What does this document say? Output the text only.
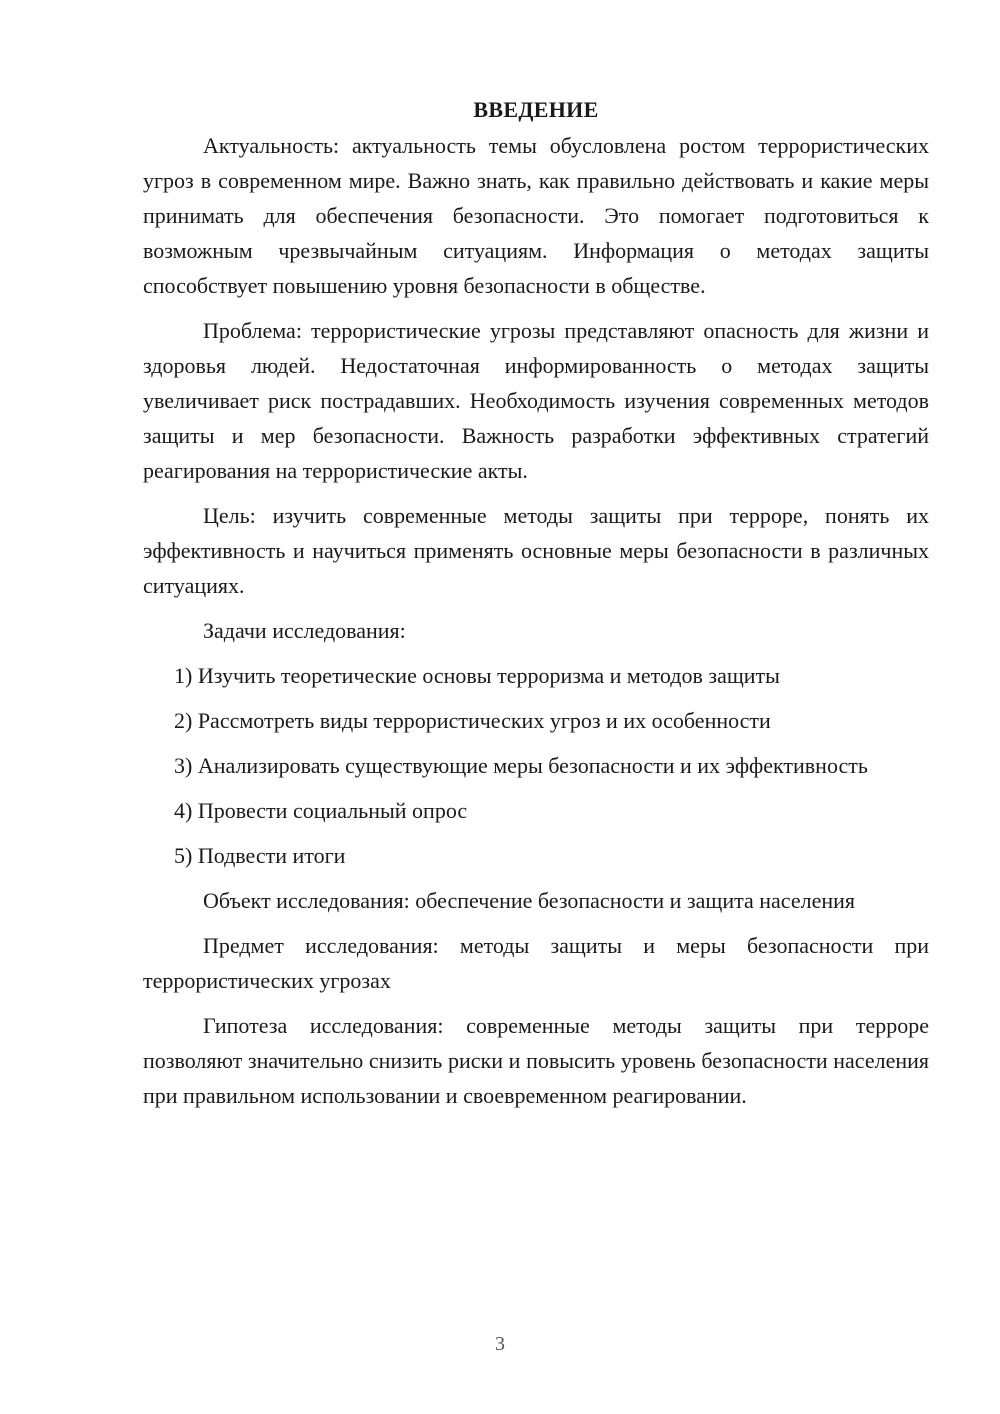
ВВЕДЕНИЕ

Актуальность: актуальность темы обусловлена ростом террористических угроз в современном мире. Важно знать, как правильно действовать и какие меры принимать для обеспечения безопасности. Это помогает подготовиться к возможным чрезвычайным ситуациям. Информация о методах защиты способствует повышению уровня безопасности в обществе.

Проблема: террористические угрозы представляют опасность для жизни и здоровья людей. Недостаточная информированность о методах защиты увеличивает риск пострадавших. Необходимость изучения современных методов защиты и мер безопасности. Важность разработки эффективных стратегий реагирования на террористические акты.

Цель: изучить современные методы защиты при терроре, понять их эффективность и научиться применять основные меры безопасности в различных ситуациях.

Задачи исследования:

1) Изучить теоретические основы терроризма и методов защиты

2) Рассмотреть виды террористических угроз и их особенности

3) Анализировать существующие меры безопасности и их эффективность

4) Провести социальный опрос

5) Подвести итоги

Объект исследования: обеспечение безопасности и защита населения

Предмет исследования: методы защиты и меры безопасности при террористических угрозах

Гипотеза исследования: современные методы защиты при терроре позволяют значительно снизить риски и повысить уровень безопасности населения при правильном использовании и своевременном реагировании.

3
